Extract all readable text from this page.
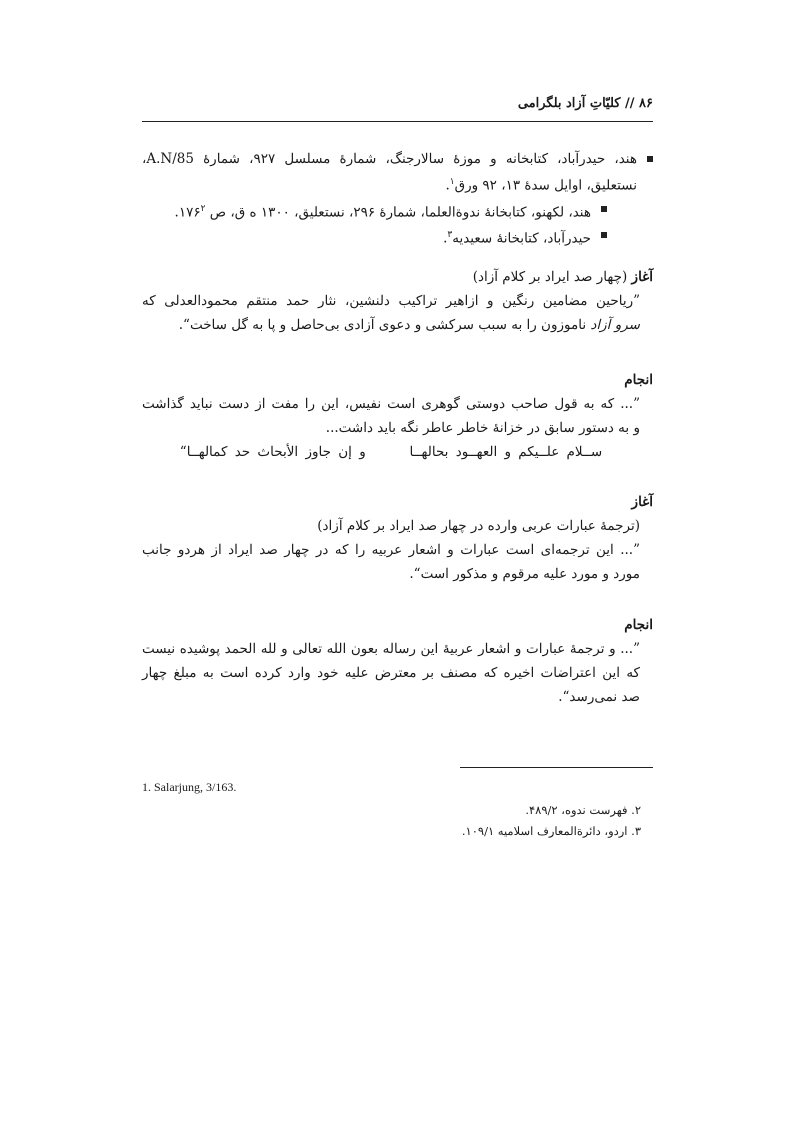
۸۶ // کلیّاتِ آزاد بلگرامی

هند، حیدرآباد، کتابخانه و موزهٔ سالارجنگ، شمارهٔ مسلسل ۹۲۷، شمارهٔ A.N/85، نستعلیق، اوایل سدهٔ ۱۳، ۹۲ ورق$^۱$.

هند، لکهنو، کتابخانهٔ ندوةالعلما، شمارهٔ ۲۹۶، نستعلیق، ۱۳۰۰ ه ق، ص $۱۷۶^۲$.

حیدرآباد، کتابخانهٔ سعیدیه$^۳$.

آغاز (چهار صد ایراد بر کلام آزاد)

”ریاحین مضامین رنگین و ازاهیر تراکیب دلنشین، نثار حمد منتقم محمودالعدلی که

سرو آزاد ناموزون را به سبب سرکشی و دعوی آزادی بی‌حاصل و پا به گل ساخت“.

انجام

”... که به قول صاحب دوستی گوهری است نفیس، این را مفت از دست نباید گذاشت

و به دستور سابق در خزانهٔ خاطر عاطر نگه باید داشت...

ســلام علــیکم و العهــود بحالهــا      و إن جاوز الأبحاث حد کمالهــا“

آغاز

(ترجمهٔ عبارات عربی وارده در چهار صد ایراد بر کلام آزاد)

”... این ترجمه‌ای است عبارات و اشعار عربیه را که در چهار صد ایراد از هردو جانب

مورد و مورد علیه مرقوم و مذکور است“.

انجام

”... و ترجمهٔ عبارات و اشعار عربیهٔ این رساله بعون الله تعالی و لله الحمد پوشیده نیست

که این اعتراضات اخیره که مصنف بر معترض علیه خود وارد کرده است به مبلغ چهار

صد نمی‌رسد“.

1. Salarjung, 3/163.
۲. فهرست ندوه، ۴۸۹/۲.
۳. اردو، دائرةالمعارف اسلامیه ۱۰۹/۱.
